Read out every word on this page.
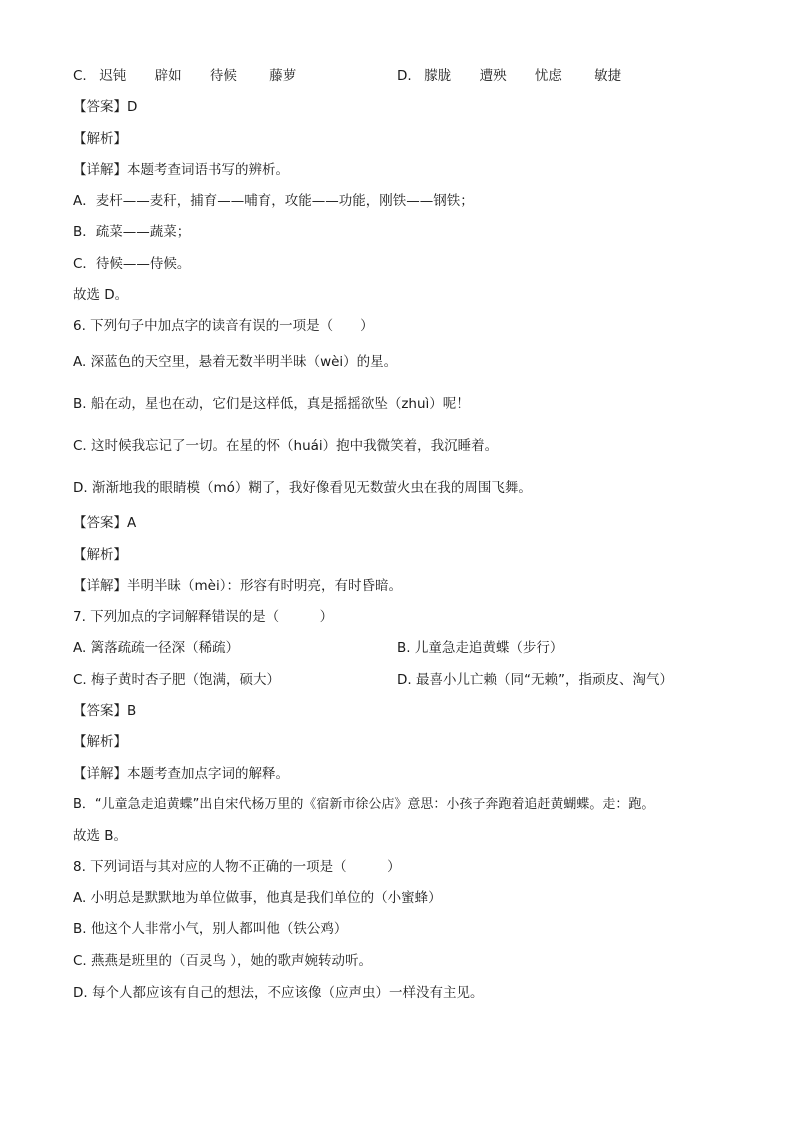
C. 迟钝 辟如 待候 藤萝	D. 朦胧 遭殃 忧虑 敏捷
【答案】D
【解析】
【详解】本题考查词语书写的辨析。
A．麦杆——麦秆，捕育——哺育，攻能——功能，刚铁——钢铁；
B．疏菜——蔬菜；
C．待候——侍候。
故选 D。
6. 下列句子中加点字的读音有误的一项是（　　）
A. 深蓝色的天空里，悬着无数半明半昧（wèi）的星。
B. 船在动，星也在动，它们是这样低，真是摇摇欲坠（zhuì）呢！
C. 这时候我忘记了一切。在星的怀（huái）抱中我微笑着，我沉睡着。
D. 渐渐地我的眼睛模（mó）糊了，我好像看见无数萤火虫在我的周围飞舞。
【答案】A
【解析】
【详解】半明半昧（mèi）：形容有时明亮，有时昏暗。
7. 下列加点的字词解释错误的是（　　　）
A. 篱落疏疏一径深（稀疏）	B. 儿童急走追黄蝶（步行）
C. 梅子黄时杏子肥（饱满，硕大）	D. 最喜小儿亡赖（同“无赖”，指顽皮、淘气）
【答案】B
【解析】
【详解】本题考查加点字词的解释。
B．“儿童急走追黄蝶”出自宋代杨万里的《宿新市徐公店》意思：小孩子奔跑着追赶黄蝴蝶。走：跑。
故选 B。
8. 下列词语与其对应的人物不正确的一项是（　　　）
A. 小明总是默默地为单位做事，他真是我们单位的（小蜜蜂）
B. 他这个人非常小气，别人都叫他（铁公鸡）
C. 燕燕是班里的（百灵鸟 ），她的歌声婉转动听。
D. 每个人都应该有自己的想法，不应该像（应声虫）一样没有主见。
